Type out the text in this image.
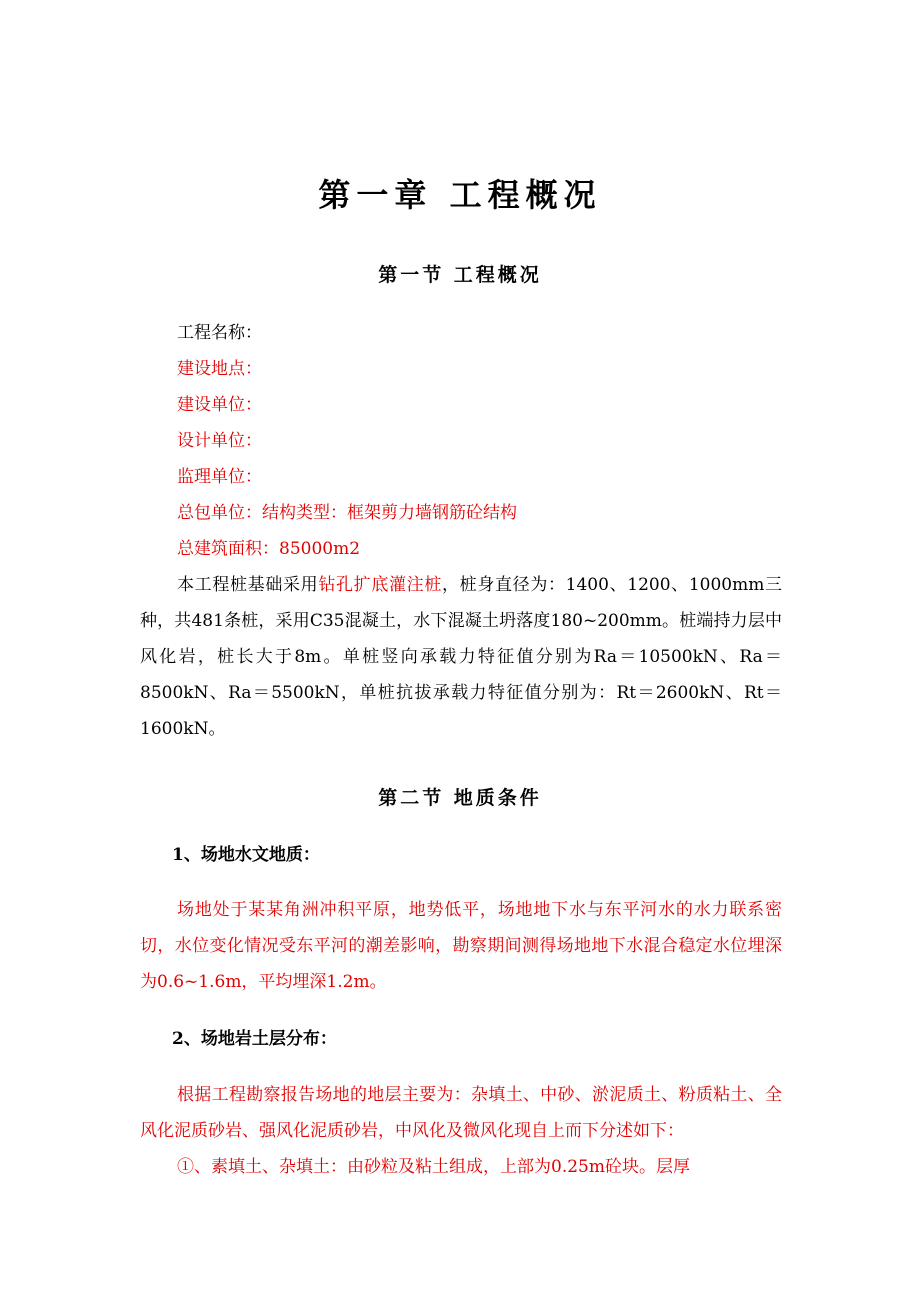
第一章 工程概况
第一节 工程概况
工程名称：
建设地点：
建设单位：
设计单位：
监理单位：
总包单位：结构类型：框架剪力墙钢筋砼结构
总建筑面积：85000m2
本工程桩基础采用钻孔扩底灌注桩，桩身直径为：1400、1200、1000mm三种，共481条桩，采用C35混凝土，水下混凝土坍落度180~200mm。桩端持力层中风化岩，桩长大于8m。单桩竖向承载力特征值分别为Ra＝10500kN、Ra＝8500kN、Ra＝5500kN，单桩抗拔承载力特征值分别为：Rt＝2600kN、Rt＝1600kN。
第二节 地质条件
1、场地水文地质：
场地处于某某角洲冲积平原，地势低平，场地地下水与东平河水的水力联系密切，水位变化情况受东平河的潮差影响，勘察期间测得场地地下水混合稳定水位埋深为0.6~1.6m，平均埋深1.2m。
2、场地岩土层分布：
根据工程勘察报告场地的地层主要为：杂填土、中砂、淤泥质土、粉质粘土、全风化泥质砂岩、强风化泥质砂岩，中风化及微风化现自上而下分述如下：
①、素填土、杂填土：由砂粒及粘土组成，上部为0.25m砼块。层厚
